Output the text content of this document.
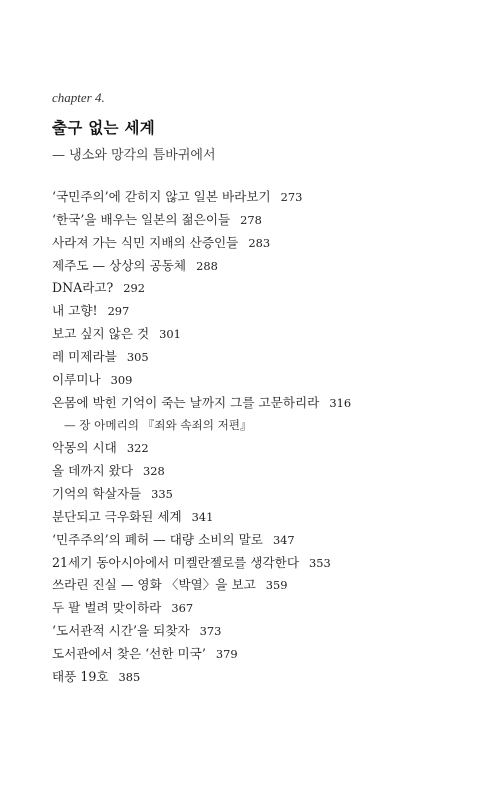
chapter 4.
출구 없는 세계
— 냉소와 망각의 틈바귀에서
‘국민주의’에 갇히지 않고 일본 바라보기 273
‘한국’을 배우는 일본의 젊은이들 278
사라져 가는 식민 지배의 산증인들 283
제주도 — 상상의 공동체 288
DNA라고? 292
내 고향! 297
보고 싶지 않은 것 301
레 미제라블 305
이루미나 309
온몸에 박힌 기억이 죽는 날까지 그를 고문하리라 316
— 장 아메리의 『죄와 속죄의 저편』
악몽의 시대 322
올 데까지 왔다 328
기억의 학살자들 335
분단되고 극우화된 세계 341
‘민주주의’의 폐허 — 대량 소비의 말로 347
21세기 동아시아에서 미켈란젤로를 생각한다 353
쓰라린 진실 — 영화 〈박열〉을 보고 359
두 팔 벌려 맞이하라 367
‘도서관적 시간’을 되찾자 373
도서관에서 찾은 ‘선한 미국’ 379
태풍 19호 385
